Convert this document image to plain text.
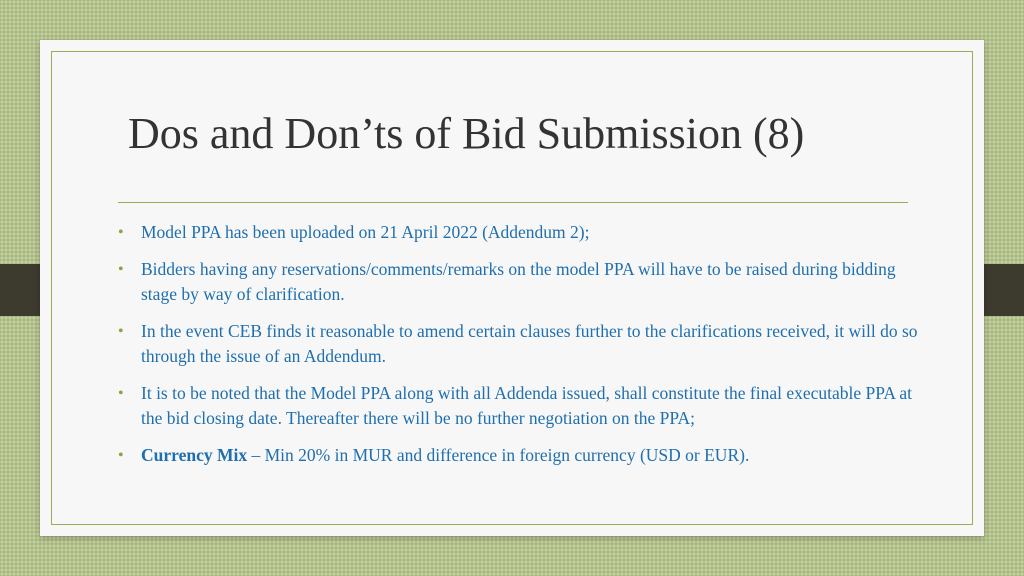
Dos and Don’ts of Bid Submission (8)
• Model PPA has been uploaded on 21 April 2022 (Addendum 2);
• Bidders having any reservations/comments/remarks on the model PPA will have to be raised during bidding stage by way of clarification.
• In the event CEB finds it reasonable to amend certain clauses further to the clarifications received, it will do so through the issue of an Addendum.
• It is to be noted that the Model PPA along with all Addenda issued, shall constitute the final executable PPA at the bid closing date. Thereafter there will be no further negotiation on the PPA;
• Currency Mix – Min 20% in MUR and difference in foreign currency (USD or EUR).
